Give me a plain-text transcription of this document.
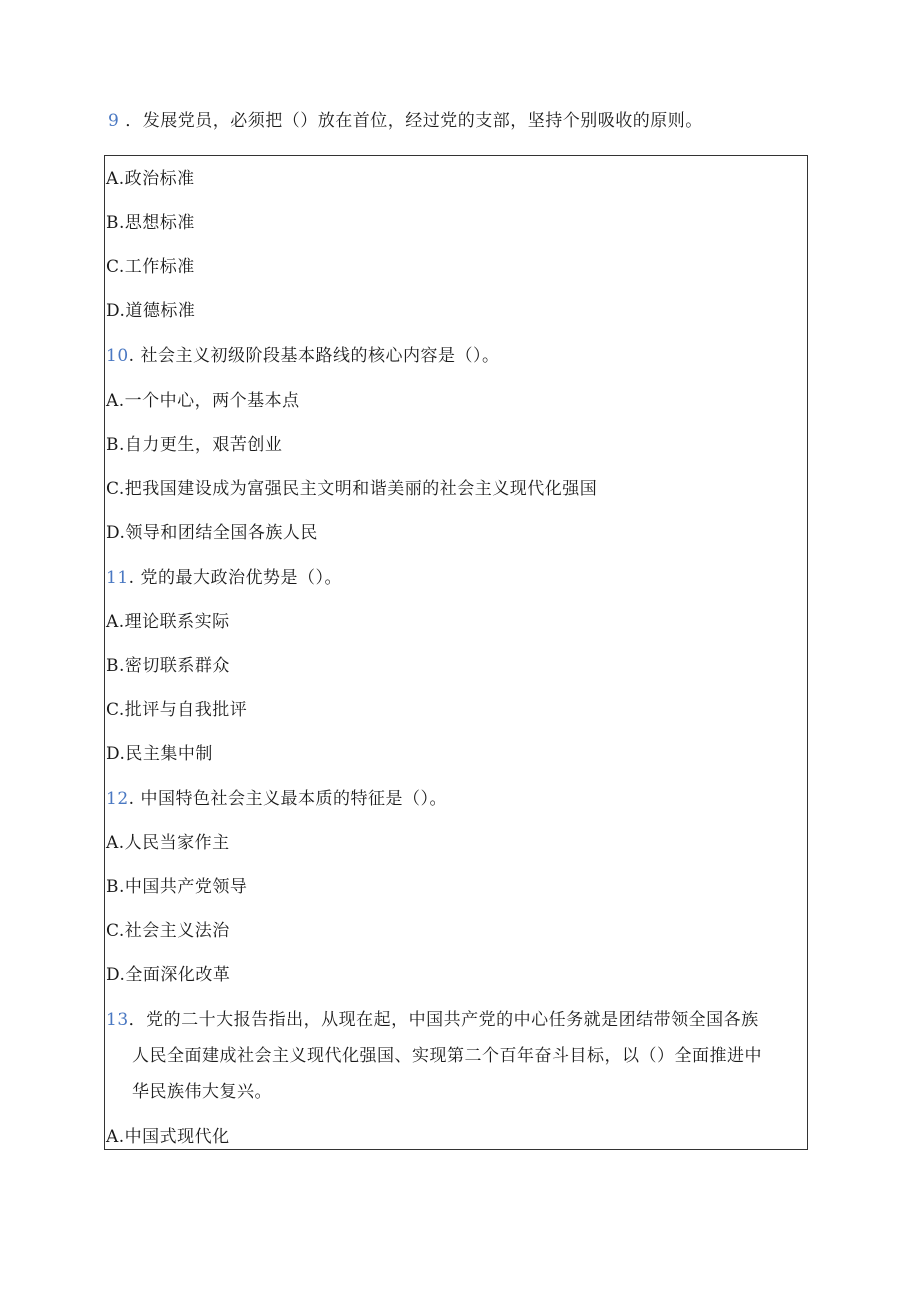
9 ．发展党员，必须把（）放在首位，经过党的支部，坚持个别吸收的原则。
A.政治标准
B.思想标准
C.工作标准
D.道德标准
10. 社会主义初级阶段基本路线的核心内容是（）。
A.一个中心，两个基本点
B.自力更生，艰苦创业
C.把我国建设成为富强民主文明和谐美丽的社会主义现代化强国
D.领导和团结全国各族人民
11. 党的最大政治优势是（）。
A.理论联系实际
B.密切联系群众
C.批评与自我批评
D.民主集中制
12. 中国特色社会主义最本质的特征是（）。
A.人民当家作主
B.中国共产党领导
C.社会主义法治
D.全面深化改革
13．党的二十大报告指出，从现在起，中国共产党的中心任务就是团结带领全国各族
人民全面建成社会主义现代化强国、实现第二个百年奋斗目标，以（）全面推进中
华民族伟大复兴。
A.中国式现代化
